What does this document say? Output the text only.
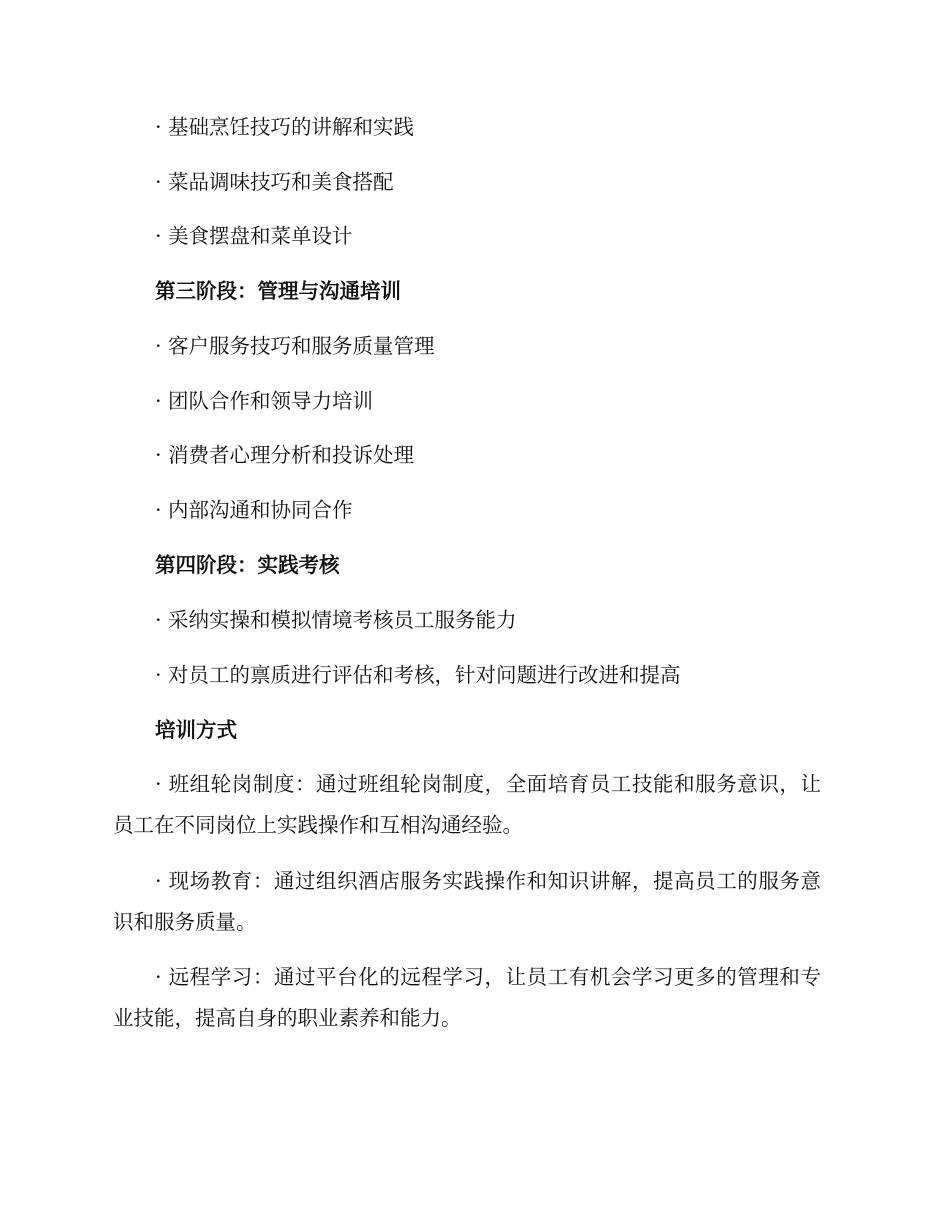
· 基础烹饪技巧的讲解和实践
· 菜品调味技巧和美食搭配
· 美食摆盘和菜单设计
第三阶段：管理与沟通培训
· 客户服务技巧和服务质量管理
· 团队合作和领导力培训
· 消费者心理分析和投诉处理
· 内部沟通和协同合作
第四阶段：实践考核
· 采纳实操和模拟情境考核员工服务能力
· 对员工的禀质进行评估和考核，针对问题进行改进和提高
培训方式
· 班组轮岗制度：通过班组轮岗制度，全面培育员工技能和服务意识，让员工在不同岗位上实践操作和互相沟通经验。
· 现场教育：通过组织酒店服务实践操作和知识讲解，提高员工的服务意识和服务质量。
· 远程学习：通过平台化的远程学习，让员工有机会学习更多的管理和专业技能，提高自身的职业素养和能力。
